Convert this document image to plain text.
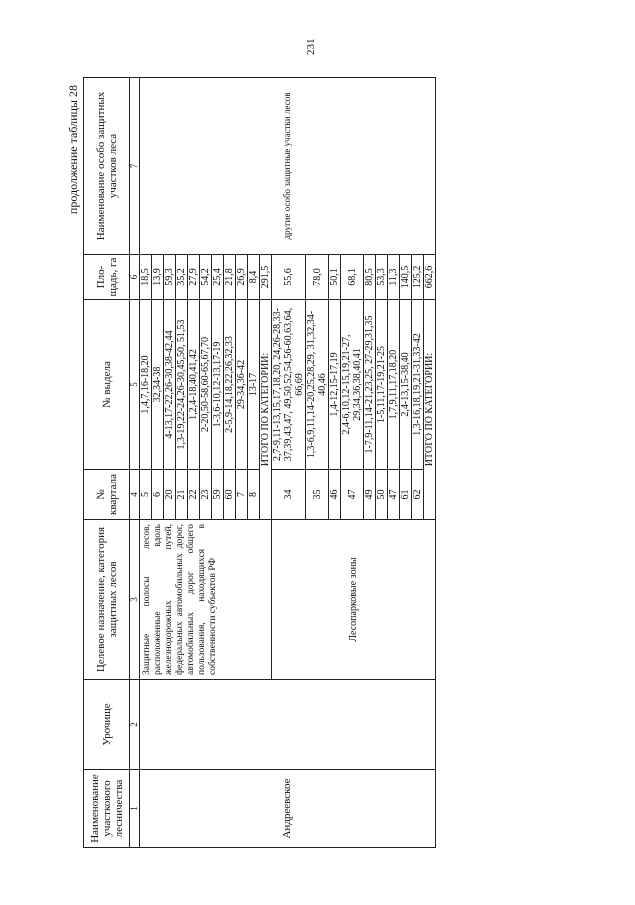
231
продолжение таблицы 28
Наименование участкового лесничества	Урочище	Целевое назначение, категория защитных лесов	№ квартала	№ выдела	Пло-щадь, га	Наименование особо защитных участков леса
1	2	3	4	5	6	7
Андреевское		Защитные полосы лесов, расположенные вдоль железнодорожных путей, федеральных автомобильных дорог, автомобильных дорог общего пользования, находящихся в собственности субъектов РФ	5	1,4,7,16-18,20	18,5	другие особо защитные участки лесов
			6	32,34-38	13,9	
			20	4-13,17-22,26-30,38-42,44	59,3	
			21	1,3-19,22-24,26-30,45,50, 51,53	35,2	
			22	1,2,4-18,40,41,42	27,9	
			23	2-20,50-58,60-65,67,70	54,2	
			59	1-3,6-10,12-13,17-19	25,4	
			60	2-5,9-14,18,22,26,32,33	21,8	
			7	29-34,36-42	26,9	
			8	13-17	8,4	
			ИТОГО ПО КАТЕГОРИИ:		291,5	
		Лесопарковые зоны	34	2,7-9,11-13,15,17,18,20, 24,26-28,33-37,39,43,47, 49,50,52,54,56-60,63,64, 66,69	55,6	
			35	1,3-6,9,11,14-20,25,28,29, 31,32,34-40,46	78,0	
			46	1,4-12,15-17,19	50,1	
			47	2,4-6,10,12-15,19,21-27, 29,34,36,38,40,41	68,1	
			49	1-7,9-11,14-21,23,25, 27-29,31,35	80,5	
			50	1-5,11,17-19,21-25	53,3	
			47	1,7,9,11,17,18,20	11,3	
			61	2,4-13,15-38,40	140,5	
			62	1,3-16,18,19,21-31,33-42	125,2	
			ИТОГО ПО КАТЕГОРИИ:		662,6	
